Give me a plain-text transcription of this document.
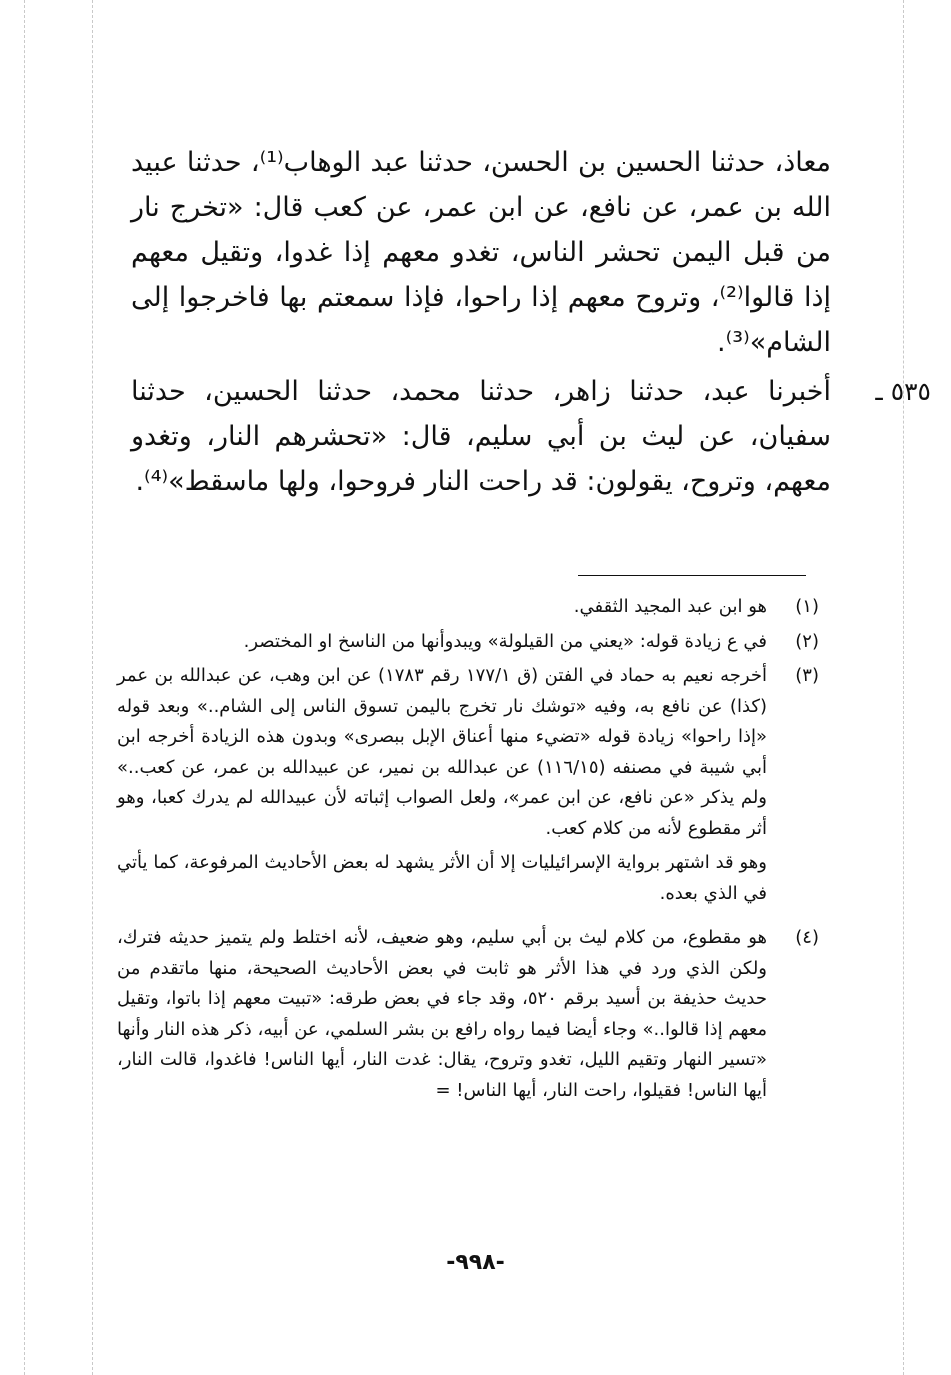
معاذ، حدثنا الحسين بن الحسن، حدثنا عبد الوهاب⁽¹⁾، حدثنا عبيد الله بن عمر، عن نافع، عن ابن عمر، عن كعب قال: «تخرج نار من قبل اليمن تحشر الناس، تغدو معهم إذا غدوا، وتقيل معهم إذا قالوا⁽²⁾، وتروح معهم إذا راحوا، فإذا سمعتم بها فاخرجوا إلى الشام»⁽³⁾.

٥٣٥ ـ
أخبرنا عبد، حدثنا زاهر، حدثنا محمد، حدثنا الحسين، حدثنا سفيان، عن ليث بن أبي سليم، قال: «تحشرهم النار، وتغدو معهم، وتروح، يقولون: قد راحت النار فروحوا، ولها ماسقط»⁽⁴⁾.

(١)
هو ابن عبد المجيد الثقفي.
(٢)
في ع زيادة قوله: «يعني من القيلولة» ويبدوأنها من الناسخ او المختصر.
(٣)
أخرجه نعيم به حماد في الفتن (ق ١٧٧/١ رقم ١٧٨٣) عن ابن وهب، عن عبدالله بن عمر (كذا) عن نافع به، وفيه «توشك نار تخرج باليمن تسوق الناس إلى الشام..» وبعد قوله «إذا راحوا» زيادة قوله «تضيء منها أعناق الإبل ببصرى» وبدون هذه الزيادة أخرجه ابن أبي شيبة في مصنفه (١١٦/١٥) عن عبدالله بن نمير، عن عبيدالله بن عمر، عن كعب..» ولم يذكر «عن نافع، عن ابن عمر»، ولعل الصواب إثباته لأن عبيدالله لم يدرك كعبا، وهو أثر مقطوع لأنه من كلام كعب.
وهو قد اشتهر برواية الإسرائيليات إلا أن الأثر يشهد له بعض الأحاديث المرفوعة، كما يأتي في الذي بعده.
(٤)
هو مقطوع، من كلام ليث بن أبي سليم، وهو ضعيف، لأنه اختلط ولم يتميز حديثه فترك، ولكن الذي ورد في هذا الأثر هو ثابت في بعض الأحاديث الصحيحة، منها ماتقدم من حديث حذيفة بن أسيد برقم ٥٢٠، وقد جاء في بعض طرقه: «تبيت معهم إذا باتوا، وتقيل معهم إذا قالوا..» وجاء أيضا فيما رواه رافع بن بشر السلمي، عن أبيه، ذكر هذه النار وأنها «تسير النهار وتقيم الليل، تغدو وتروح، يقال: غدت النار، أيها الناس! فاغدوا، قالت النار، أيها الناس! فقيلوا، راحت النار، أيها الناس! =
-٩٩٨-
